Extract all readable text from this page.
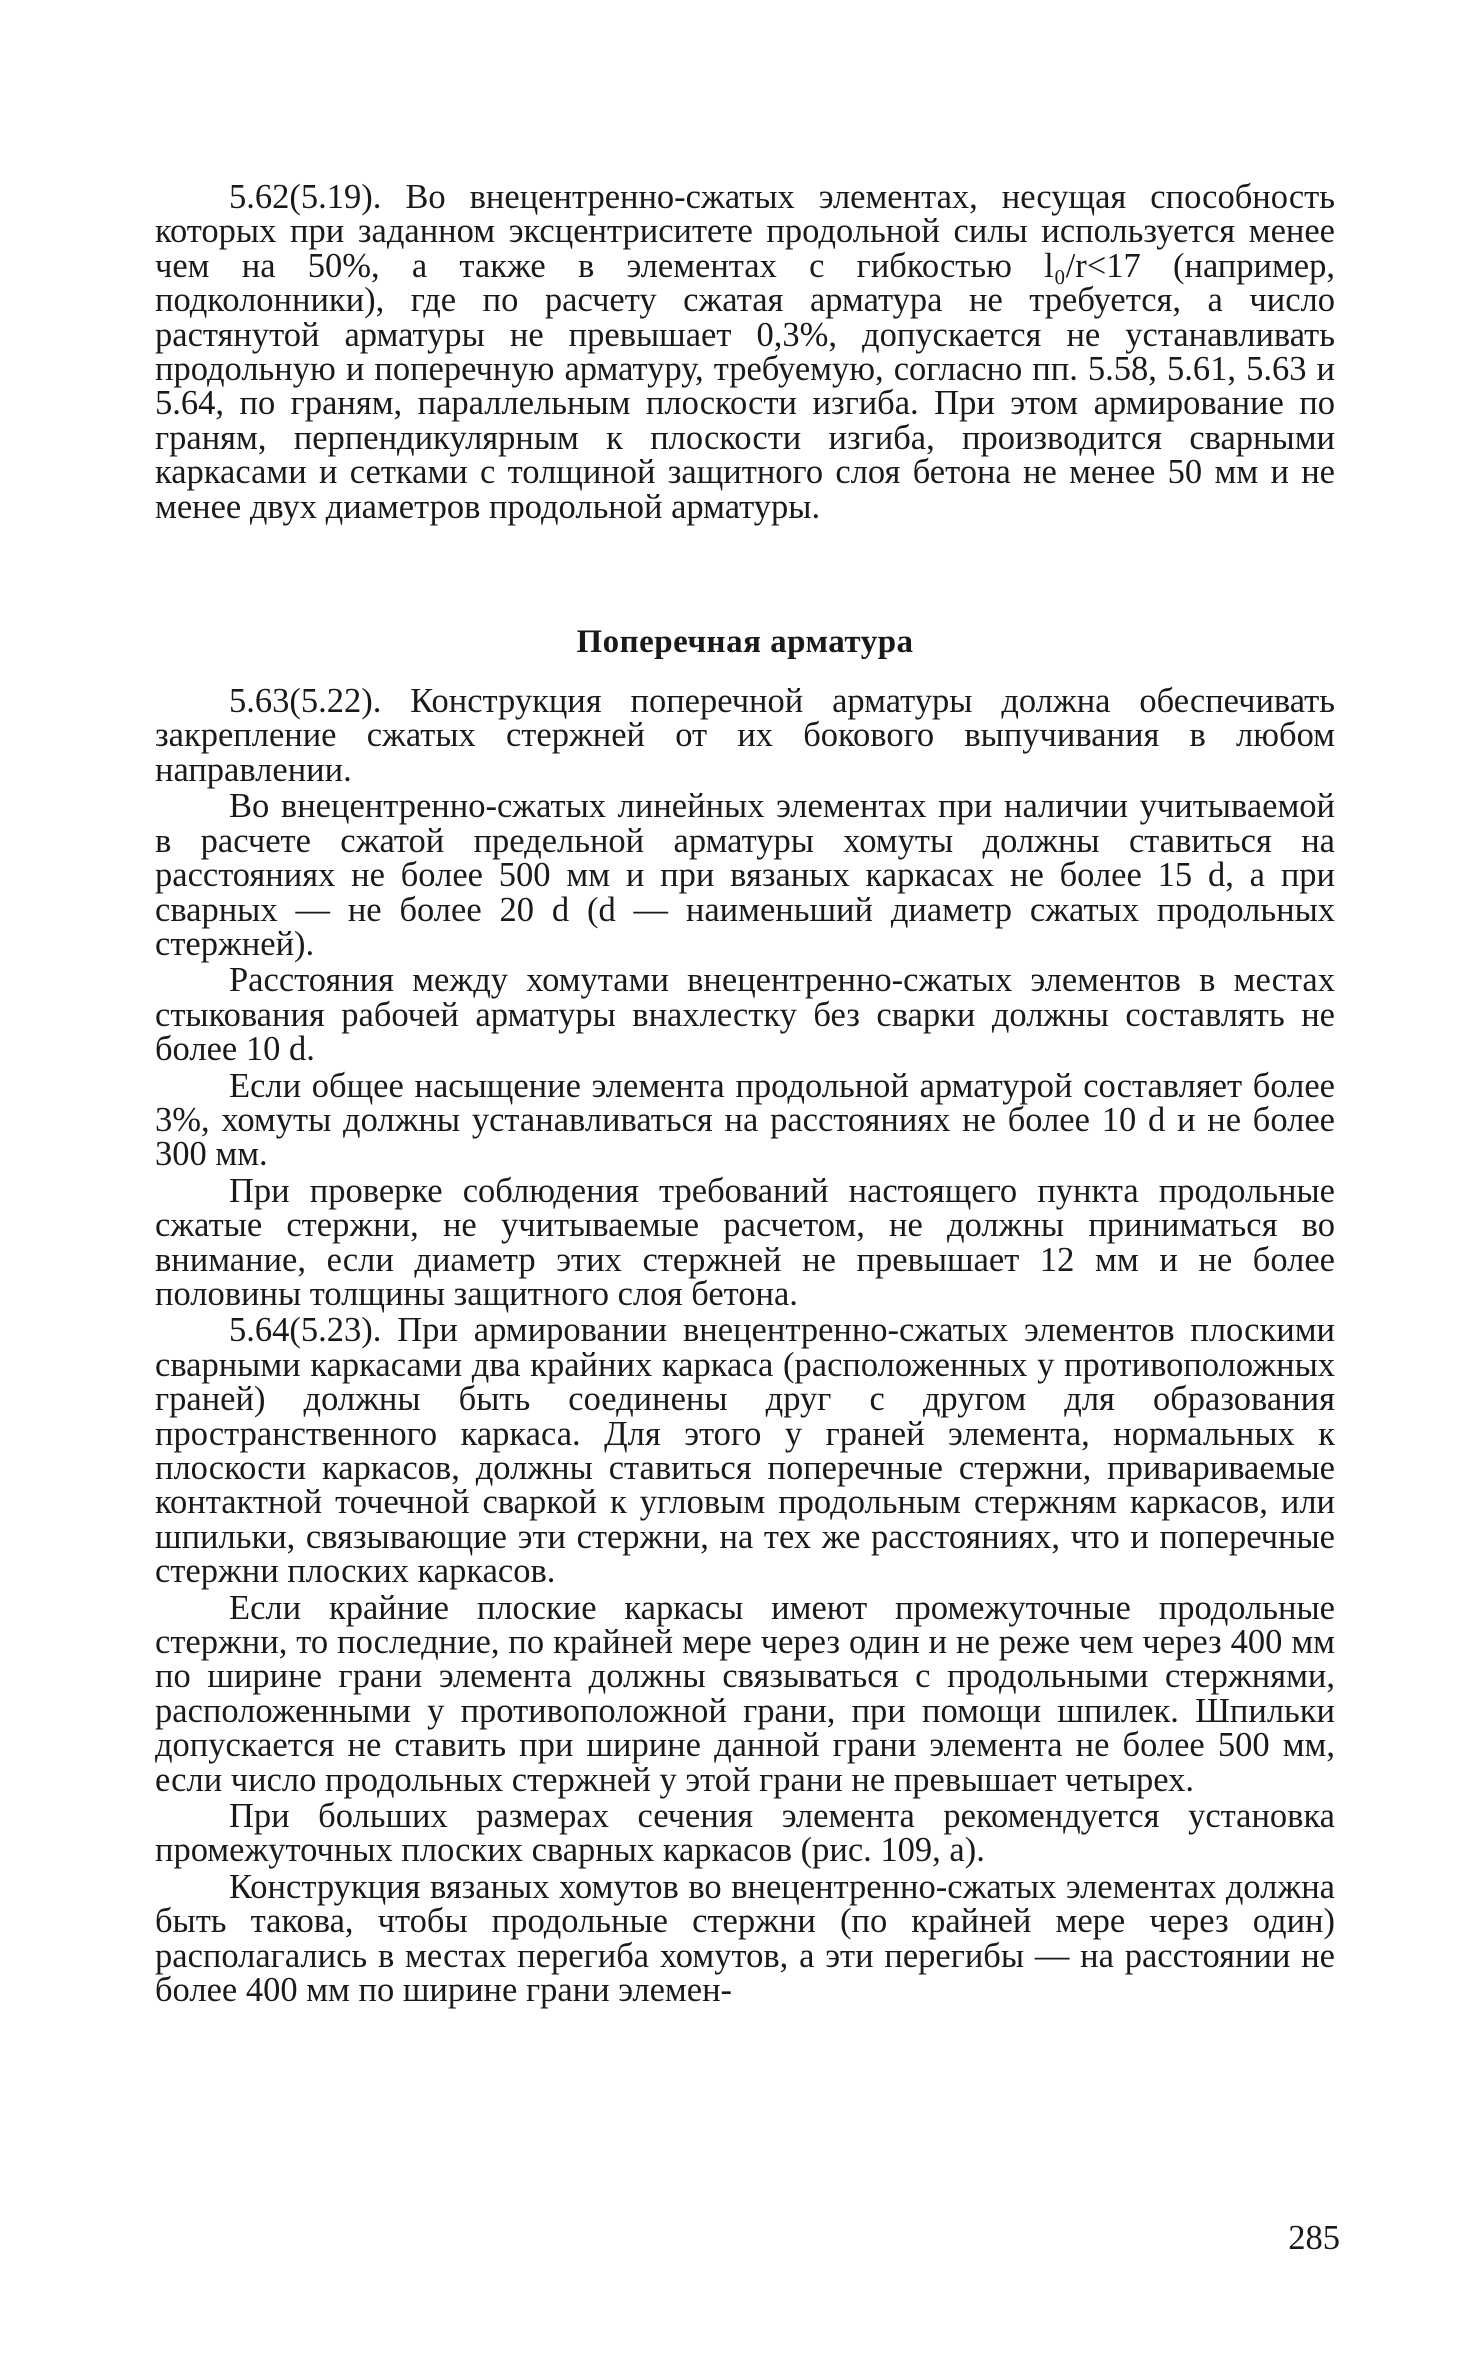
5.62(5.19). Во внецентренно-сжатых элементах, несущая способность которых при заданном эксцентриситете продольной силы используется менее чем на 50%, а также в элементах с гибкостью l₀/r<17 (например, подколонники), где по расчету сжатая арматура не требуется, а число растянутой арматуры не превышает 0,3%, допускается не устанавливать продольную и поперечную арматуру, требуемую, согласно пп. 5.58, 5.61, 5.63 и 5.64, по граням, параллельным плоскости изгиба. При этом армирование по граням, перпендикулярным к плоскости изгиба, производится сварными каркасами и сетками с толщиной защитного слоя бетона не менее 50 мм и не менее двух диаметров продольной арматуры.

Поперечная арматура

5.63(5.22). Конструкция поперечной арматуры должна обеспечивать закрепление сжатых стержней от их бокового выпучивания в любом направлении.

Во внецентренно-сжатых линейных элементах при наличии учитываемой в расчете сжатой предельной арматуры хомуты должны ставиться на расстояниях не более 500 мм и при вязаных каркасах не более 15 d, а при сварных — не более 20 d (d — наименьший диаметр сжатых продольных стержней).

Расстояния между хомутами внецентренно-сжатых элементов в местах стыкования рабочей арматуры внахлестку без сварки должны составлять не более 10 d.

Если общее насыщение элемента продольной арматурой составляет более 3%, хомуты должны устанавливаться на расстояниях не более 10 d и не более 300 мм.

При проверке соблюдения требований настоящего пункта продольные сжатые стержни, не учитываемые расчетом, не должны приниматься во внимание, если диаметр этих стержней не превышает 12 мм и не более половины толщины защитного слоя бетона.

5.64(5.23). При армировании внецентренно-сжатых элементов плоскими сварными каркасами два крайних каркаса (расположенных у противоположных граней) должны быть соединены друг с другом для образования пространственного каркаса. Для этого у граней элемента, нормальных к плоскости каркасов, должны ставиться поперечные стержни, привариваемые контактной точечной сваркой к угловым продольным стержням каркасов, или шпильки, связывающие эти стержни, на тех же расстояниях, что и поперечные стержни плоских каркасов.

Если крайние плоские каркасы имеют промежуточные продольные стержни, то последние, по крайней мере через один и не реже чем через 400 мм по ширине грани элемента должны связываться с продольными стержнями, расположенными у противоположной грани, при помощи шпилек. Шпильки допускается не ставить при ширине данной грани элемента не более 500 мм, если число продольных стержней у этой грани не превышает четырех.

При больших размерах сечения элемента рекомендуется установка промежуточных плоских сварных каркасов (рис. 109, а).

Конструкция вязаных хомутов во внецентренно-сжатых элементах должна быть такова, чтобы продольные стержни (по крайней мере через один) располагались в местах перегиба хомутов, а эти перегибы — на расстоянии не более 400 мм по ширине грани элемен-

285
